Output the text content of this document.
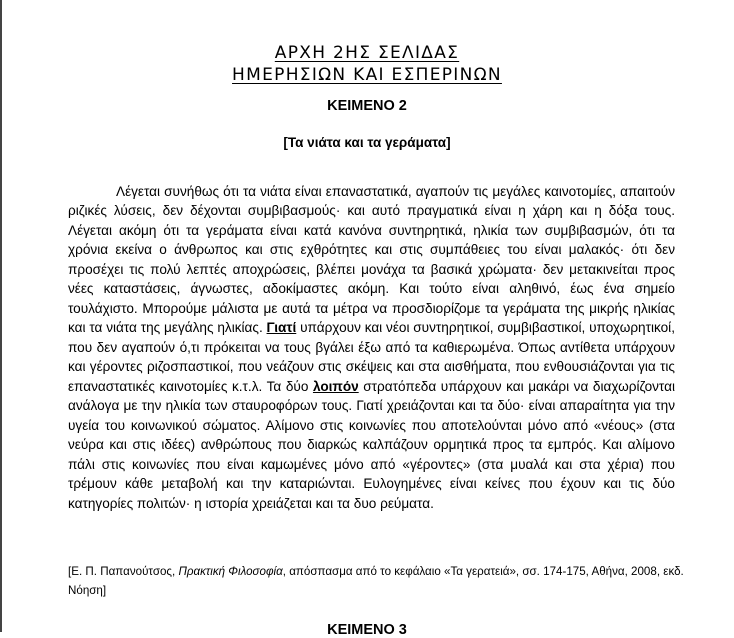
ΑΡΧΗ 2ΗΣ ΣΕΛΙΔΑΣ
ΗΜΕΡΗΣΙΩΝ ΚΑΙ ΕΣΠΕΡΙΝΩΝ
ΚΕΙΜΕΝΟ 2
[Τα νιάτα και τα γεράματα]

Λέγεται συνήθως ότι τα νιάτα είναι επαναστατικά, αγαπούν τις μεγάλες καινοτομίες, απαιτούν ριζικές λύσεις, δεν δέχονται συμβιβασμούς· και αυτό πραγματικά είναι η χάρη και η δόξα τους. Λέγεται ακόμη ότι τα γεράματα είναι κατά κανόνα συντηρητικά, ηλικία των συμβιβασμών, ότι τα χρόνια εκείνα ο άνθρωπος και στις εχθρότητες και στις συμπάθειες του είναι μαλακός· ότι δεν προσέχει τις πολύ λεπτές αποχρώσεις, βλέπει μονάχα τα βασικά χρώματα· δεν μετακινείται προς νέες καταστάσεις, άγνωστες, αδοκίμαστες ακόμη. Και τούτο είναι αληθινό, έως ένα σημείο τουλάχιστο. Μπορούμε μάλιστα με αυτά τα μέτρα να προσδιορίζομε τα γεράματα της μικρής ηλικίας και τα νιάτα της μεγάλης ηλικίας. Γιατί υπάρχουν και νέοι συντηρητικοί, συμβιβαστικοί, υποχωρητικοί, που δεν αγαπούν ό,τι πρόκειται να τους βγάλει έξω από τα καθιερωμένα. Όπως αντίθετα υπάρχουν και γέροντες ριζοσπαστικοί, που νεάζουν στις σκέψεις και στα αισθήματα, που ενθουσιάζονται για τις επαναστατικές καινοτομίες κ.τ.λ. Τα δύο λοιπόν στρατόπεδα υπάρχουν και μακάρι να διαχωρίζονται ανάλογα με την ηλικία των σταυροφόρων τους. Γιατί χρειάζονται και τα δύο· είναι απαραίτητα για την υγεία του κοινωνικού σώματος. Αλίμονο στις κοινωνίες που αποτελούνται μόνο από «νέους» (στα νεύρα και στις ιδέες) ανθρώπους που διαρκώς καλπάζουν ορμητικά προς τα εμπρός. Και αλίμονο πάλι στις κοινωνίες που είναι καμωμένες μόνο από «γέροντες» (στα μυαλά και στα χέρια) που τρέμουν κάθε μεταβολή και την καταριώνται. Ευλογημένες είναι κείνες που έχουν και τις δύο κατηγορίες πολιτών· η ιστορία χρειάζεται και τα δυο ρεύματα.

[Ε. Π. Παπανούτσος, Πρακτική Φιλοσοφία, απόσπασμα από το κεφάλαιο «Τα γερατειά», σσ. 174-175, Αθήνα, 2008, εκδ. Νόηση]
ΚΕΙΜΕΝΟ 3
